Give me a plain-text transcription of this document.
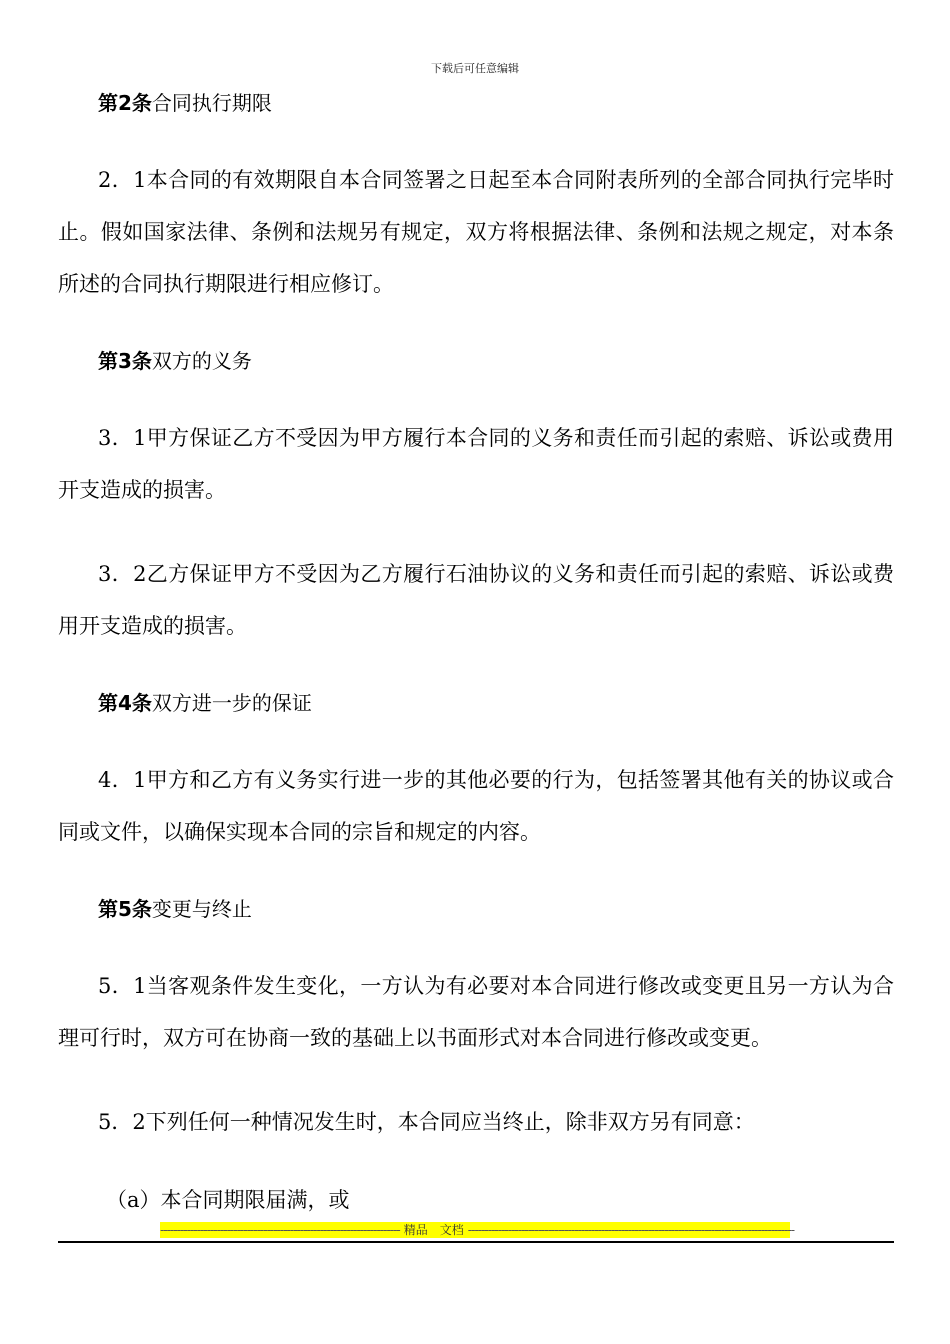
下载后可任意编辑
第2条合同执行期限

2．1本合同的有效期限自本合同签署之日起至本合同附表所列的全部合同执行完毕时止。假如国家法律、条例和法规另有规定，双方将根据法律、条例和法规之规定，对本条所述的合同执行期限进行相应修订。

第3条双方的义务

3．1甲方保证乙方不受因为甲方履行本合同的义务和责任而引起的索赔、诉讼或费用开支造成的损害。

3．2乙方保证甲方不受因为乙方履行石油协议的义务和责任而引起的索赔、诉讼或费用开支造成的损害。

第4条双方进一步的保证

4．1甲方和乙方有义务实行进一步的其他必要的行为，包括签署其他有关的协议或合同或文件，以确保实现本合同的宗旨和规定的内容。

第5条变更与终止

5．1当客观条件发生变化，一方认为有必要对本合同进行修改或变更且另一方认为合理可行时，双方可在协商一致的基础上以书面形式对本合同进行修改或变更。

5．2下列任何一种情况发生时，本合同应当终止，除非双方另有同意：

（a）本合同期限届满，或

------------------------------------------------------------------------ 精品　文档 --------------------------------------------------------------------------------------------------
